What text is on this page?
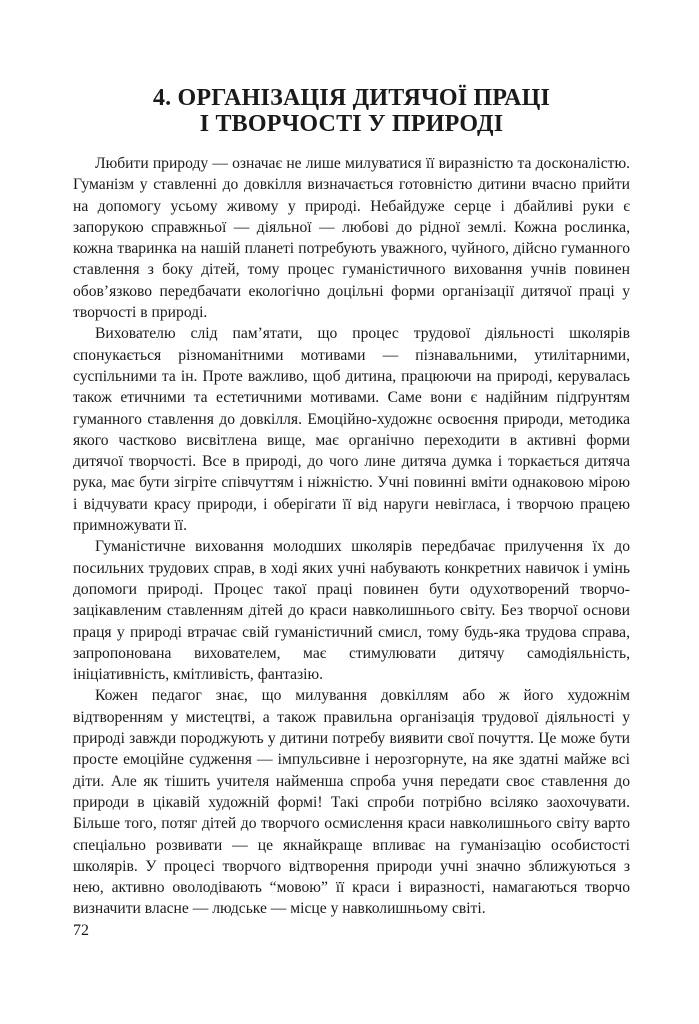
4. ОРГАНІЗАЦІЯ ДИТЯЧОЇ ПРАЦІ
І ТВОРЧОСТІ У ПРИРОДІ

Любити природу — означає не лише милуватися її виразністю та досконалістю. Гуманізм у ставленні до довкілля визначається готовністю дитини вчасно прийти на допомогу усьому живому у природі. Небайдуже серце і дбайливі руки є запорукою справжньої — діяльної — любові до рідної землі. Кожна рослинка, кожна тваринка на нашій планеті потребують уважного, чуйного, дійсно гуманного ставлення з боку дітей, тому процес гуманістичного виховання учнів повинен обов’язково передбачати екологічно доцільні форми організації дитячої праці у творчості в природі.

Вихователю слід пам’ятати, що процес трудової діяльності школярів спонукається різноманітними мотивами — пізнавальними, утилітарними, суспільними та ін. Проте важливо, щоб дитина, працюючи на природі, керувалась також етичними та естетичними мотивами. Саме вони є надійним підґрунтям гуманного ставлення до довкілля. Емоційно-художнє освоєння природи, методика якого частково висвітлена вище, має органічно переходити в активні форми дитячої творчості. Все в природі, до чого лине дитяча думка і торкається дитяча рука, має бути зігріте співчуттям і ніжністю. Учні повинні вміти однаковою мірою і відчувати красу природи, і оберігати її від наруги невігласа, і творчою працею примножувати її.

Гуманістичне виховання молодших школярів передбачає прилучення їх до посильних трудових справ, в ході яких учні набувають конкретних навичок і умінь допомоги природі. Процес такої праці повинен бути одухотворений творчо-зацікавленим ставленням дітей до краси навколишнього світу. Без творчої основи праця у природі втрачає свій гуманістичний смисл, тому будь-яка трудова справа, запропонована вихователем, має стимулювати дитячу самодіяльність, ініціативність, кмітливість, фантазію.

Кожен педагог знає, що милування довкіллям або ж його художнім відтворенням у мистецтві, а також правильна організація трудової діяльності у природі завжди породжують у дитини потребу виявити свої почуття. Це може бути просте емоційне судження — імпульсивне і нерозгорнуте, на яке здатні майже всі діти. Але як тішить учителя найменша спроба учня передати своє ставлення до природи в цікавій художній формі! Такі спроби потрібно всіляко заохочувати. Більше того, потяг дітей до творчого осмислення краси навколишнього світу варто спеціально розвивати — це якнайкраще впливає на гуманізацію особистості школярів. У процесі творчого відтворення природи учні значно зближуються з нею, активно оволодівають “мовою” її краси і виразності, намагаються творчо визначити власне — людське — місце у навколишньому світі.

72
